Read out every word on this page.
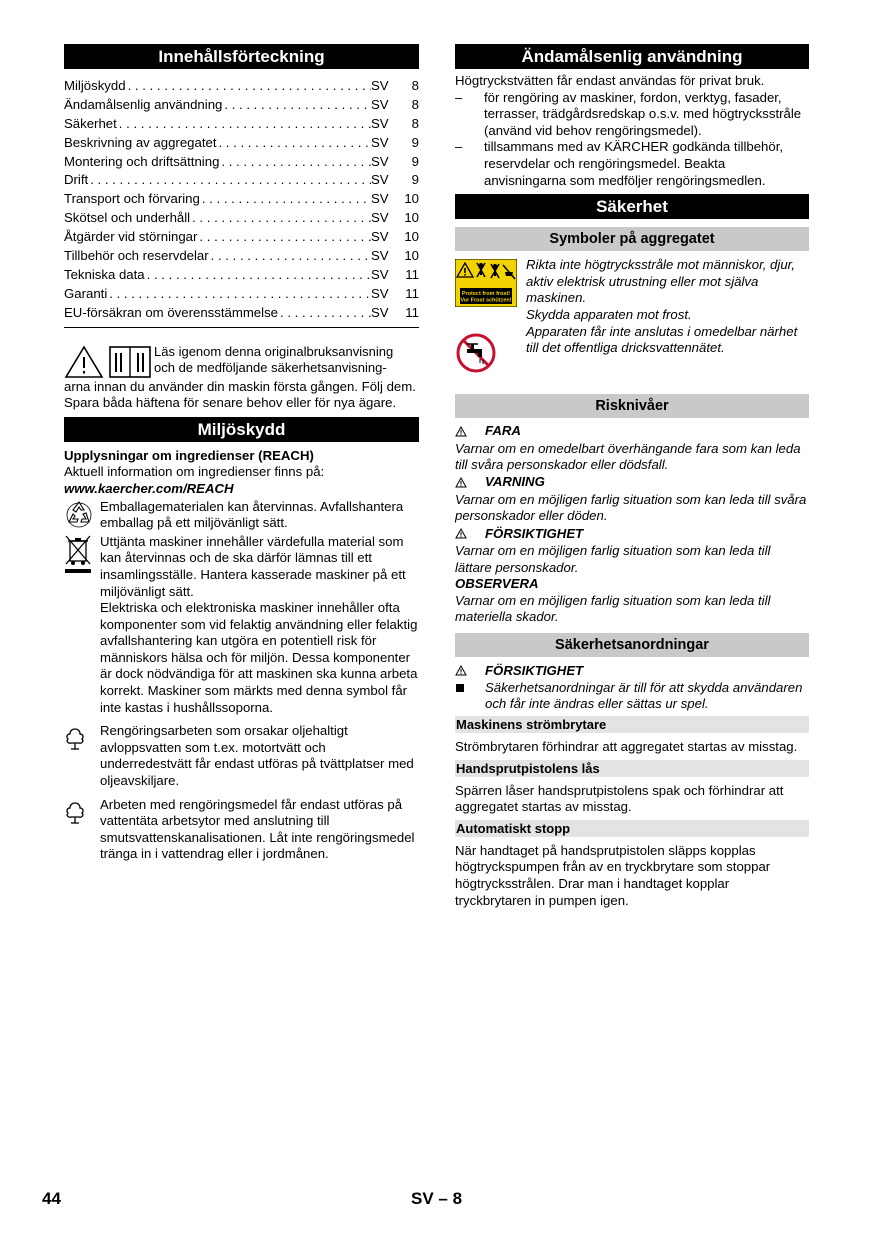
Innehållsförteckning
Miljöskydd . . .	SV	8
Ändamålsenlig användning . . .	SV	8
Säkerhet . . .	SV	8
Beskrivning av aggregatet . . .	SV	9
Montering och driftsättning . . .	SV	9
Drift . . .	SV	9
Transport och förvaring . . .	SV	10
Skötsel och underhåll . . .	SV	10
Åtgärder vid störningar . . .	SV	10
Tillbehör och reservdelar . . .	SV	10
Tekniska data . . .	SV	11
Garanti . . .	SV	11
EU-försäkran om överensstämmelse . . .	SV	11

Läs igenom denna originalbruksanvisning

och de medföljande säkerhetsanvisning-

arna innan du använder din maskin första gången. Följ dem. Spara båda häftena för senare behov eller för nya ägare.

Miljöskydd

Upplysningar om ingredienser (REACH)

Aktuell information om ingredienser finns på:

www.kaercher.com/REACH

Emballagematerialen kan återvinnas. Avfallshantera emballag på ett miljövänligt sätt.

Uttjänta maskiner innehåller värdefulla material som kan återvinnas och de ska därför lämnas till ett insamlingsställe. Hantera kasserade maskiner på ett miljövänligt sätt.

Elektriska och elektroniska maskiner innehåller ofta komponenter som vid felaktig användning eller felaktig avfallshantering kan utgöra en potentiell risk för människors hälsa och för miljön. Dessa komponenter är dock nödvändiga för att maskinen ska kunna arbeta korrekt. Maskiner som märkts med denna symbol får inte kastas i hushållssoporna.

Rengöringsarbeten som orsakar oljehaltigt avloppsvatten som t.ex. motortvätt och underredestvätt får endast utföras på tvättplatser med oljeavskiljare.

Arbeten med rengöringsmedel får endast utföras på vattentäta arbetsytor med anslutning till smutsvattenskanalisationen. Låt inte rengöringsmedel tränga in i vattendrag eller i jordmånen.

Ändamålsenlig användning

Högtryckstvätten får endast användas för privat bruk.

–	för rengöring av maskiner, fordon, verktyg, fasader, terrasser, trädgårdsredskap o.s.v. med högtrycksstråle (använd vid behov rengöringsmedel).

–	tillsammans med av KÄRCHER godkända tillbehör, reservdelar och rengöringsmedel. Beakta anvisningarna som medföljer rengöringsmedlen.

Säkerhet
Symboler på aggregatet
Protect from frost!
Vor Frost schützen!

Rikta inte högtrycksstråle mot människor, djur, aktiv elektrisk utrustning eller mot själva maskinen.

Skydda apparaten mot frost.

Apparaten får inte anslutas i omedelbar närhet till det offentliga dricksvattennätet.

Risknivåer
FARA

Varnar om en omedelbart överhängande fara som kan leda till svåra personskador eller dödsfall.

VARNING

Varnar om en möjligen farlig situation som kan leda till svåra personskador eller döden.

FÖRSIKTIGHET

Varnar om en möjligen farlig situation som kan leda till lättare personskador.

OBSERVERA

Varnar om en möjligen farlig situation som kan leda till materiella skador.

Säkerhetsanordningar
FÖRSIKTIGHET

Säkerhetsanordningar är till för att skydda användaren och får inte ändras eller sättas ur spel.

Maskinens strömbrytare

Strömbrytaren förhindrar att aggregatet startas av misstag.

Handsprutpistolens lås

Spärren låser handsprutpistolens spak och förhindrar att aggregatet startas av misstag.

Automatiskt stopp

När handtaget på handsprutpistolen släpps kopplas högtryckspumpen från av en tryckbrytare som stoppar högtrycksstrålen. Drar man i handtaget kopplar tryckbrytaren in pumpen igen.

44	SV – 8
